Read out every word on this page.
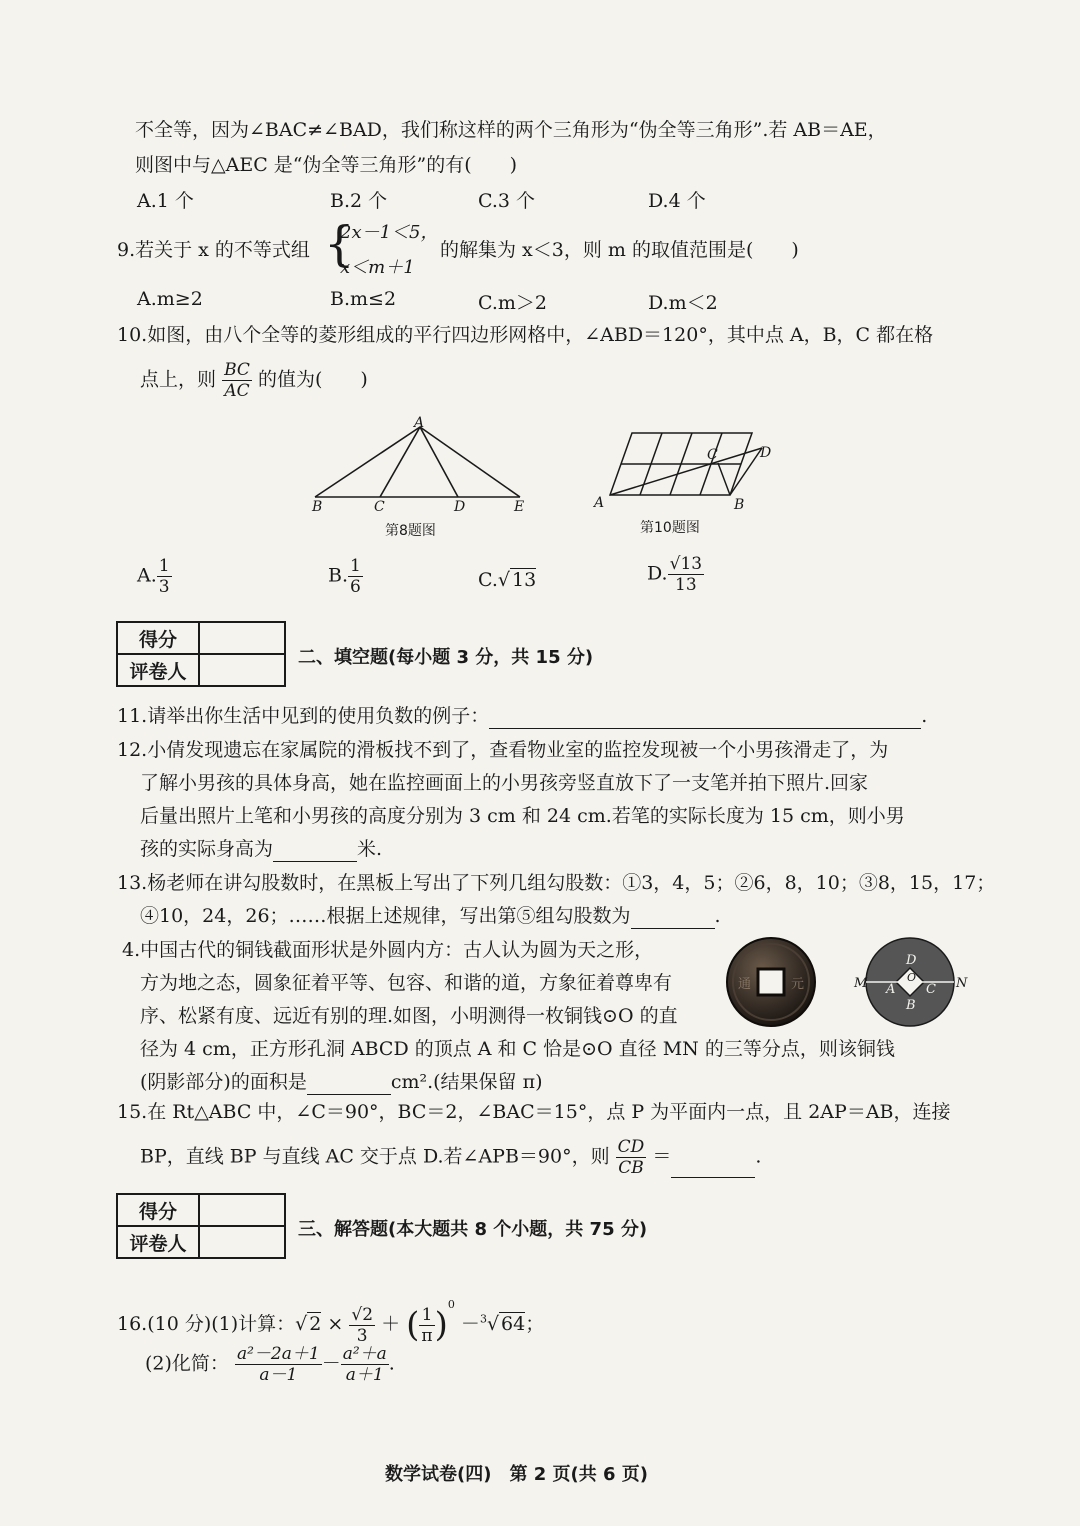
不全等，因为∠BAC≠∠BAD，我们称这样的两个三角形为“伪全等三角形”.若 AB＝AE，
则图中与△AEC 是“伪全等三角形”的有(　　)
A.1 个	B.2 个	C.3 个	D.4 个
9.若关于 x 的不等式组 {
2x－1＜5，
x＜m＋1
的解集为 x＜3，则 m 的取值范围是(　　)
A.m≥2	B.m≤2	C.m＞2	D.m＜2
10.如图，由八个全等的菱形组成的平行四边形网格中，∠ABD＝120°，其中点 A，B，C 都在格
点上，则 $\frac{BC}{AC}$ 的值为(　　)
A
B	C	D	E
第8题图
A	B
C	D
第10题图
A. $\frac{1}{3}$	B. $\frac{1}{6}$	C.√ 13	D. $\frac{√13}{13}$
得分	
评卷人	
二、填空题(每小题 3 分，共 15 分)
11.请举出你生活中见到的使用负数的例子：	.
12.小倩发现遗忘在家属院的滑板找不到了，查看物业室的监控发现被一个小男孩滑走了，为
了解小男孩的具体身高，她在监控画面上的小男孩旁竖直放下了一支笔并拍下照片.回家
后量出照片上笔和小男孩的高度分别为 3 cm 和 24 cm.若笔的实际长度为 15 cm，则小男
孩的实际身高为	米.
13.杨老师在讲勾股数时，在黑板上写出了下列几组勾股数：①3，4，5；②6，8，10；③8，15，17；
④10，24，26；……根据上述规律，写出第⑤组勾股数为	.
4.中国古代的铜钱截面形状是外圆内方：古人认为圆为天之形，
方为地之态，圆象征着平等、包容、和谐的道，方象征着尊卑有
序、松紧有度、远近有别的理.如图，小明测得一枚铜钱⊙O 的直
径为 4 cm，正方形孔洞 ABCD 的顶点 A 和 C 恰是⊙O 直径 MN 的三等分点，则该铜钱
(阴影部分)的面积是	cm².(结果保留 π)
通	元	M	N
A
B
C
D
O
15.在 Rt△ABC 中，∠C＝90°，BC＝2，∠BAC＝15°，点 P 为平面内一点，且 2AP＝AB，连接
BP，直线 BP 与直线 AC 交于点 D.若∠APB＝90°，则 $\frac{CD}{CB}$ ＝	.
得分	
评卷人	
三、解答题(本大题共 8 个小题，共 75 分)
16.(10 分)(1)计算：√ $2 \times \frac{√2}{3}$ ＋ ( $\frac{1}{\pi} )^0 -^3√$ 64；
(2)化简： $\frac{\text{a²－2a＋1}}{a-1} - \frac{\text{a²＋a}}{a+1}$ .
数学试卷(四)　第 2 页(共 6 页)
